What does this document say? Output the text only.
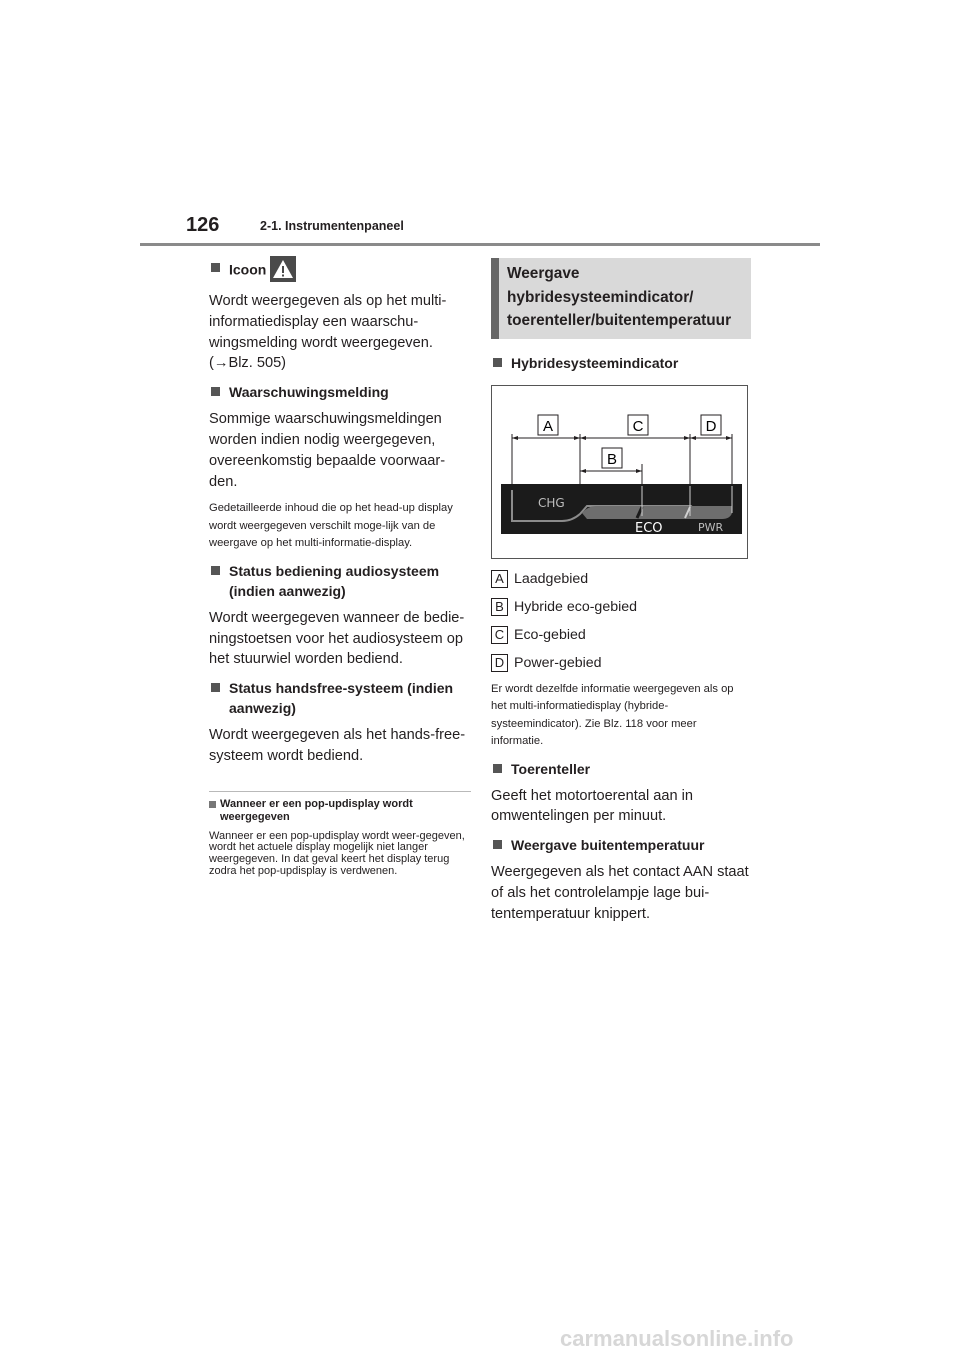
126	2-1. Instrumentenpaneel
Icoon
Wordt weergegeven als op het multi-informatiedisplay een waarschu-wingsmelding wordt weergegeven. (→Blz. 505)
Waarschuwingsmelding
Sommige waarschuwingsmeldingen worden indien nodig weergegeven, overeenkomstig bepaalde voorwaar-den.
Gedetailleerde inhoud die op het head-up display wordt weergegeven verschilt moge-lijk van de weergave op het multi-informatie-display.
Status bediening audiosysteem (indien aanwezig)
Wordt weergegeven wanneer de bedie-ningstoetsen voor het audiosysteem op het stuurwiel worden bediend.
Status handsfree-systeem (indien aanwezig)
Wordt weergegeven als het hands-free-systeem wordt bediend.
Wanneer er een pop-updisplay wordt weergegeven
Wanneer er een pop-updisplay wordt weer-gegeven, wordt het actuele display mogelijk niet langer weergegeven. In dat geval keert het display terug zodra het pop-updisplay is verdwenen.
Weergave hybridesysteemindicator/ toerenteller/buitentemperatuur
Hybridesysteemindicator
A	C	D
B
CHG
ECO	PWR
A Laadgebied
B Hybride eco-gebied
C Eco-gebied
D Power-gebied
Er wordt dezelfde informatie weergegeven als op het multi-informatiedisplay (hybride-systeemindicator). Zie Blz. 118 voor meer informatie.
Toerenteller
Geeft het motortoerental aan in omwentelingen per minuut.
Weergave buitentemperatuur
Weergegeven als het contact AAN staat of als het controlelampje lage bui-tentemperatuur knippert.
carmanualsonline.info
